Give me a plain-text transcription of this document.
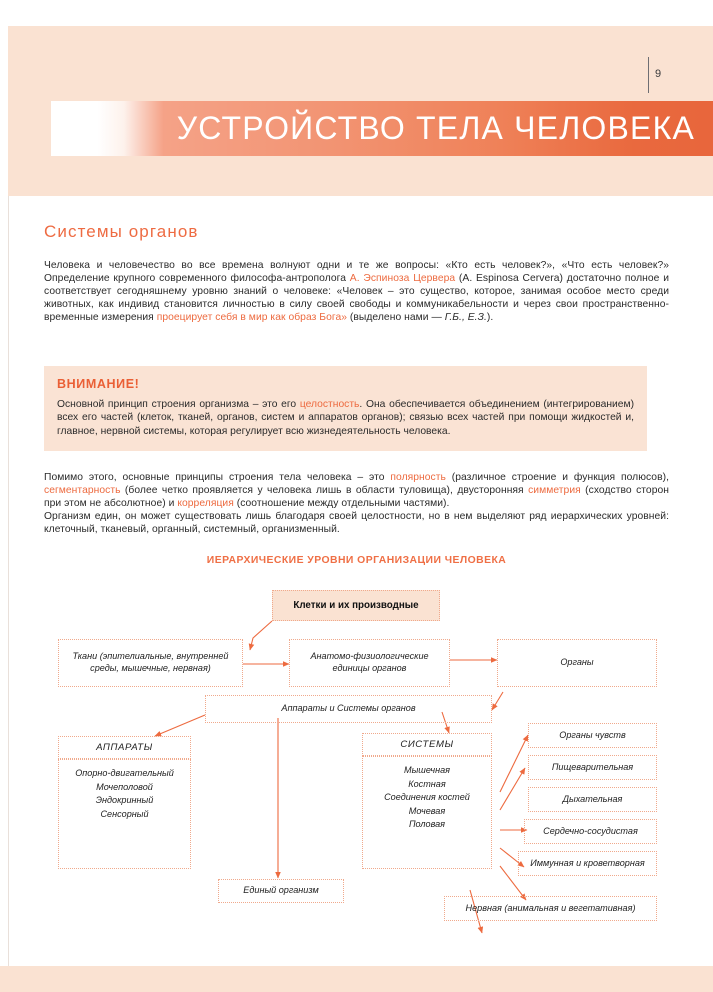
9
УСТРОЙСТВО ТЕЛА ЧЕЛОВЕКА
Системы органов

Человека и человечество во все времена волнуют одни и те же вопросы: «Кто есть человек?», «Что есть человек?» Определение крупного современного философа-антрополога А. Эспиноза Цервера (A. Espinosa Cervera) достаточно полное и соответствует сегодняшнему уровню знаний о человеке: «Человек – это существо, которое, занимая особое место среди животных, как индивид становится личностью в силу своей свободы и коммуникабельности и через свои пространственно-временные измерения проецирует себя в мир как образ Бога» (выделено нами — Г.Б., Е.З.).

ВНИМАНИЕ!

Основной принцип строения организма – это его целостность. Она обеспечивается объединением (интегрированием) всех его частей (клеток, тканей, органов, систем и аппаратов органов); связью всех частей при помощи жидкостей и, главное, нервной системы, которая регулирует всю жизнедеятельность человека.

Помимо этого, основные принципы строения тела человека – это полярность (различное строение и функция полюсов), сегментарность (более четко проявляется у человека лишь в области туловища), двусторонняя симметрия (сходство сторон при этом не абсолютное) и корреляция (соотношение между отдельными частями).
Организм един, он может существовать лишь благодаря своей целостности, но в нем выделяют ряд иерархических уровней: клеточный, тканевый, органный, системный, организменный.

ИЕРАРХИЧЕСКИЕ УРОВНИ ОРГАНИЗАЦИИ ЧЕЛОВЕКА
Клетки и их производные
Ткани (эпителиальные, внутренней среды, мышечные, нервная)
Анатомо-физиологические единицы органов
Органы
Аппараты и Системы органов
АППАРАТЫ
Опорно-двигательный
Мочеполовой
Эндокринный
Сенсорный
СИСТЕМЫ
Мышечная
Костная
Соединения костей
Мочевая
Половая
Органы чувств
Пищеварительная
Дыхательная
Сердечно-сосудистая
Иммунная и кроветворная
Единый организм
Нервная (анимальная и вегетативная)
